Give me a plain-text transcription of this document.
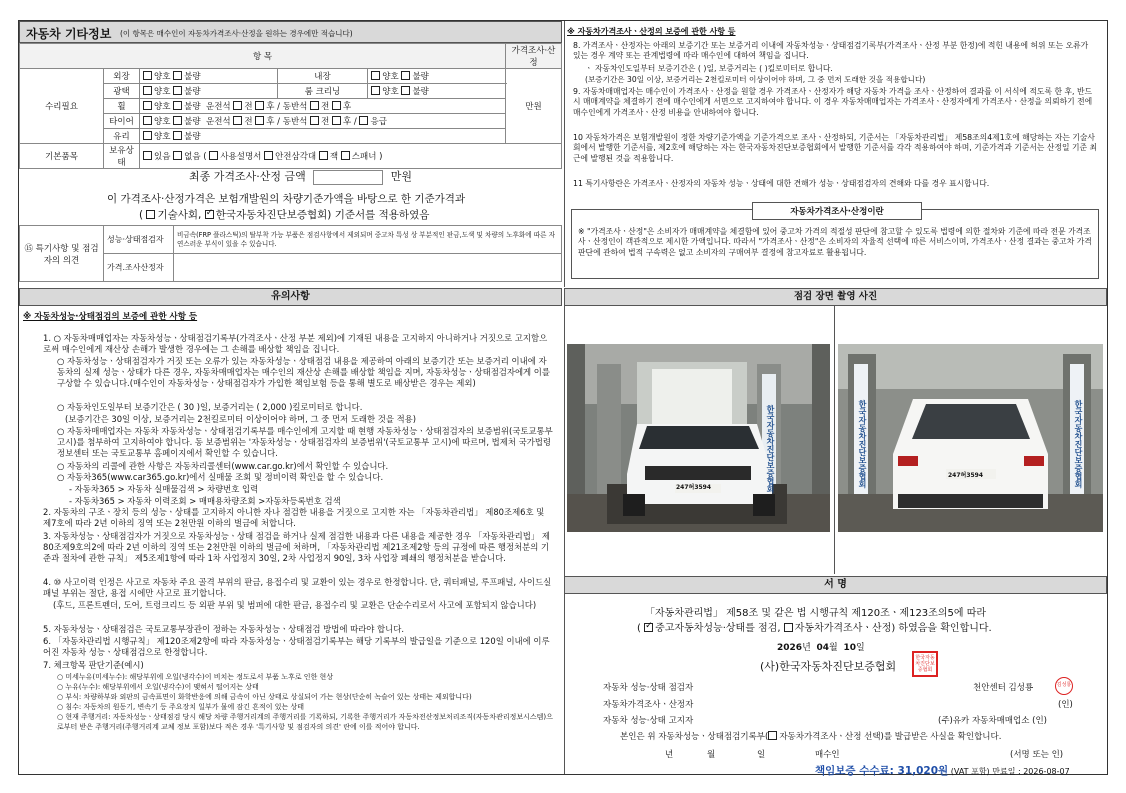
자동차 기타정보 (이 항목은 매수인이 자동차가격조사·산정을 원하는 경우에만 적습니다)
항 목					가격조사·산정
수리필요	외장	양호 불량	내장	양호 불량	만원
	광택	양호 불량	룸 크리닝	양호 불량	
	휠	양호 불량 운전석 전 후 / 동반석 전 후			
	타이어	양호 불량 운전석 전 후 / 동반석 전 후 / 응급			
	유리	양호 불량			
기본품목	보유상태	있음 없음 ( 사용설명서 안전삼각대 잭 스패너 )			
최종 가격조사·산정 금액	만원
이 가격조사·산정가격은 보험개발원의 차량기준가액을 바탕으로 한 기준가격과
( 기술사회, ✓ 한국자동차진단보증협회) 기준서를 적용하였음
⑮ 특기사항 및 점검자의 의견	성능·상태점검자	비금속(FRP 플라스틱)의 탈부착 가능 부품은 점검사항에서 제외되며 중고차 특성 상 부분적인 판금,도색 및 차량의 노후화에 따른 자연스러운 부식이 있을 수 있습니다.
	가격.조사산정자	
※ 자동차가격조사ㆍ산정의 보증에 관한 사항 등
8. 가격조사ㆍ산정자는 아래의 보증기간 또는 보증거리 이내에 자동차성능ㆍ상태점검기록부(가격조사ㆍ산정 부분 한정)에 적힌 내용에 허위 또는 오류가 있는 경우 계약 또는 관계법령에 따라 매수인에 대하여 책임을 집니다.
ㆍ 자동차인도일부터 보증기간은 ( )일, 보증거리는 ( )킬로미터로 합니다.
(보증기간은 30일 이상, 보증거리는 2천킬로미터 이상이어야 하며, 그 중 먼저 도래한 것을 적용합니다)
9. 자동차매매업자는 매수인이 가격조사ㆍ산정을 원할 경우 가격조사ㆍ산정자가 해당 자동차 가격을 조사ㆍ산정하여 결과를 이 서식에 적도록 한 후, 반드시 매매계약을 체결하기 전에 매수인에게 서면으로 고지하여야 합니다. 이 경우 자동차매매업자는 가격조사ㆍ산정자에게 가격조사ㆍ산정을 의뢰하기 전에 매수인에게 가격조사ㆍ산정 비용을 안내하여야 합니다.
10 자동차가격은 보험개발원이 정한 차량기준가액을 기준가격으로 조사ㆍ산정하되, 기준서는 「자동차관리법」 제58조의4제1호에 해당하는 자는 기술사회에서 발행한 기준서를, 제2호에 해당하는 자는 한국자동차진단보증협회에서 발행한 기준서를 각각 적용하여야 하며, 기준가격과 기준서는 산정일 기준 최근에 발행된 것을 적용합니다.
11 특기사항란은 가격조사ㆍ산정자의 자동차 성능ㆍ상태에 대한 견해가 성능ㆍ상태점검자의 견해와 다를 경우 표시합니다.
자동차가격조사·산정이란
※ "가격조사ㆍ산정"은 소비자가 매매계약을 체결함에 있어 중고차 가격의 적절성 판단에 참고할 수 있도록 법령에 의한 절차와 기준에 따라 전문 가격조사ㆍ산정인이 객관적으로 제시한 가액입니다. 따라서 "가격조사ㆍ산정"은 소비자의 자율적 선택에 따른 서비스이며, 가격조사ㆍ산정 결과는 중고차 가격판단에 관하여 법적 구속력은 없고 소비자의 구매여부 결정에 참고자료로 활용됩니다.
유의사항
※ 자동차성능·상태점검의 보증에 관한 사항 등
1. ○ 자동차매매업자는 자동차성능ㆍ상태점검기록부(가격조사ㆍ산정 부분 제외)에 기재된 내용을 고지하지 아니하거나 거짓으로 고지함으로써 매수인에게 재산상 손해가 발생한 경우에는 그 손해를 배상할 책임을 집니다.
○ 자동차성능ㆍ상태점검자가 거짓 또는 오류가 있는 자동차성능ㆍ상태점검 내용을 제공하여 아래의 보증기간 또는 보증거리 이내에 자동차의 실제 성능ㆍ상태가 다른 경우, 자동차매매업자는 매수인의 재산상 손해를 배상할 책임을 지며, 자동차성능ㆍ상태점검자에게 이를 구상할 수 있습니다.(매수인이 자동차성능ㆍ상태점검자가 가입한 책임보험 등을 통해 별도로 배상받은 경우는 제외)
○ 자동차인도일부터 보증기간은 ( 30 )일, 보증거리는 ( 2,000 )킬로미터로 합니다.
(보증기간은 30일 이상, 보증거리는 2천킬로미터 이상이어야 하며, 그 중 먼저 도래한 것을 적용)
○ 자동차매매업자는 자동차 자동차성능ㆍ상태점검기록부를 매수인에게 고지할 때 현행 자동차성능ㆍ상태점검자의 보증범위(국토교통부 고시)를 첨부하여 고지하여야 합니다. 동 보증범위는 '자동차성능ㆍ상태점검자의 보증범위'(국토교통부 고시)에 따르며, 법제처 국가법령정보센터 또는 국토교통부 홈페이지에서 확인할 수 있습니다.
○ 자동차의 리콜에 관한 사항은 자동차리콜센터(www.car.go.kr)에서 확인할 수 있습니다.
○ 자동차365(www.car365.go.kr)에서 실매물 조회 및 정비이력 확인을 할 수 있습니다.
- 자동차365 > 자동차 실매물검색 > 차량번호 입력
- 자동차365 > 자동차 이력조회 > 매매용차량조회 >자동차등록번호 검색
2. 자동차의 구조ㆍ장치 등의 성능ㆍ상태를 고지하지 아니한 자나 점검한 내용을 거짓으로 고지한 자는 「자동차관리법」 제80조제6호 및 제7호에 따라 2년 이하의 징역 또는 2천만원 이하의 벌금에 처합니다.
3. 자동차성능ㆍ상태점검자가 거짓으로 자동차성능ㆍ상태 점검을 하거나 실제 점검한 내용과 다른 내용을 제공한 경우 「자동차관리법」 제80조제9호의2에 따라 2년 이하의 징역 또는 2천만원 이하의 벌금에 처하며, 「자동차관리법 제21조제2항 등의 규정에 따른 행정처분의 기준과 절차에 관한 규칙」 제5조제1항에 따라 1차 사업정지 30일, 2차 사업정지 90일, 3차 사업장 폐쇄의 행정처분을 받습니다.
4. ⑩ 사고이력 인정은 사고로 자동차 주요 골격 부위의 판금, 용접수리 및 교환이 있는 경우로 한정합니다. 단, 쿼터패널, 루프패널, 사이드실패널 부위는 절단, 용접 시에만 사고로 표기합니다.
(후드, 프론트펜더, 도어, 트렁크리드 등 외판 부위 및 범퍼에 대한 판금, 용접수리 및 교환은 단순수리로서 사고에 포함되지 않습니다)
5. 자동차성능ㆍ상태점검은 국토교통부장관이 정하는 자동차성능ㆍ상태점검 방법에 따라야 합니다.
6. 「자동차관리법 시행규칙」 제120조제2항에 따라 자동차성능ㆍ상태점검기록부는 해당 기록부의 발급일을 기준으로 120일 이내에 이루어진 자동차 성능ㆍ상태점검으로 한정합니다.
7. 체크항목 판단기준(예시)
○ 미세누유(미세누수): 해당부위에 오일(냉각수)이 비치는 정도로서 부품 노후로 인한 현상
○ 누유(누수): 해당부위에서 오일(냉각수)이 맺혀서 떨어지는 상태
○ 부식: 차량하부와 외판의 금속표면이 화학반응에 의해 금속이 아닌 상태로 상실되어 가는 현상(단순히 녹슬어 있는 상태는 제외합니다)
○ 침수: 자동차의 원동기, 변속기 등 주요장치 일부가 물에 잠긴 흔적이 있는 상태
○ 현재 주행거리: 자동차성능ㆍ상태점검 당시 해당 차량 주행거리계의 주행거리를 기록하되, 기록한 주행거리가 자동차전산정보처리조직(자동차관리정보시스템)으로부터 받은 주행거리(주행거리계 교체 정보 포함)보다 적은 경우 '특기사항 및 점검자의 의견' 란에 이를 적어야 합니다.
점검 장면 촬영 사진
247허3594	한국자동차진단보증협회	247허3594
한국자동차진단보증협회	한국자동차진단보증협회
서 명
「자동차관리법」 제58조 및 같은 법 시행규칙 제120조ㆍ제123조의5에 따라
( ✓ 중고자동차성능·상태를 점검, 자동차가격조사ㆍ산정) 하였음을 확인합니다.
2026년 04월 10일
(사)한국자동차진단보증협회
한국자동차진단보증협회
자동차 성능·상태 점검자	천안센터 김성룡	김성룡
자동차가격조사ㆍ산정자	(인)
자동차 성능·상태 고지자	(주)유카 자동차매매업소 (인)
본인은 위 자동차성능ㆍ상태점검기록부( 자동차가격조사ㆍ산정 선택)를 발급받은 사실을 확인합니다.
년	월	일	매수인	(서명 또는 인)
책임보증 수수료: 31,020원 (VAT 포함) 만료일 : 2026-08-07
